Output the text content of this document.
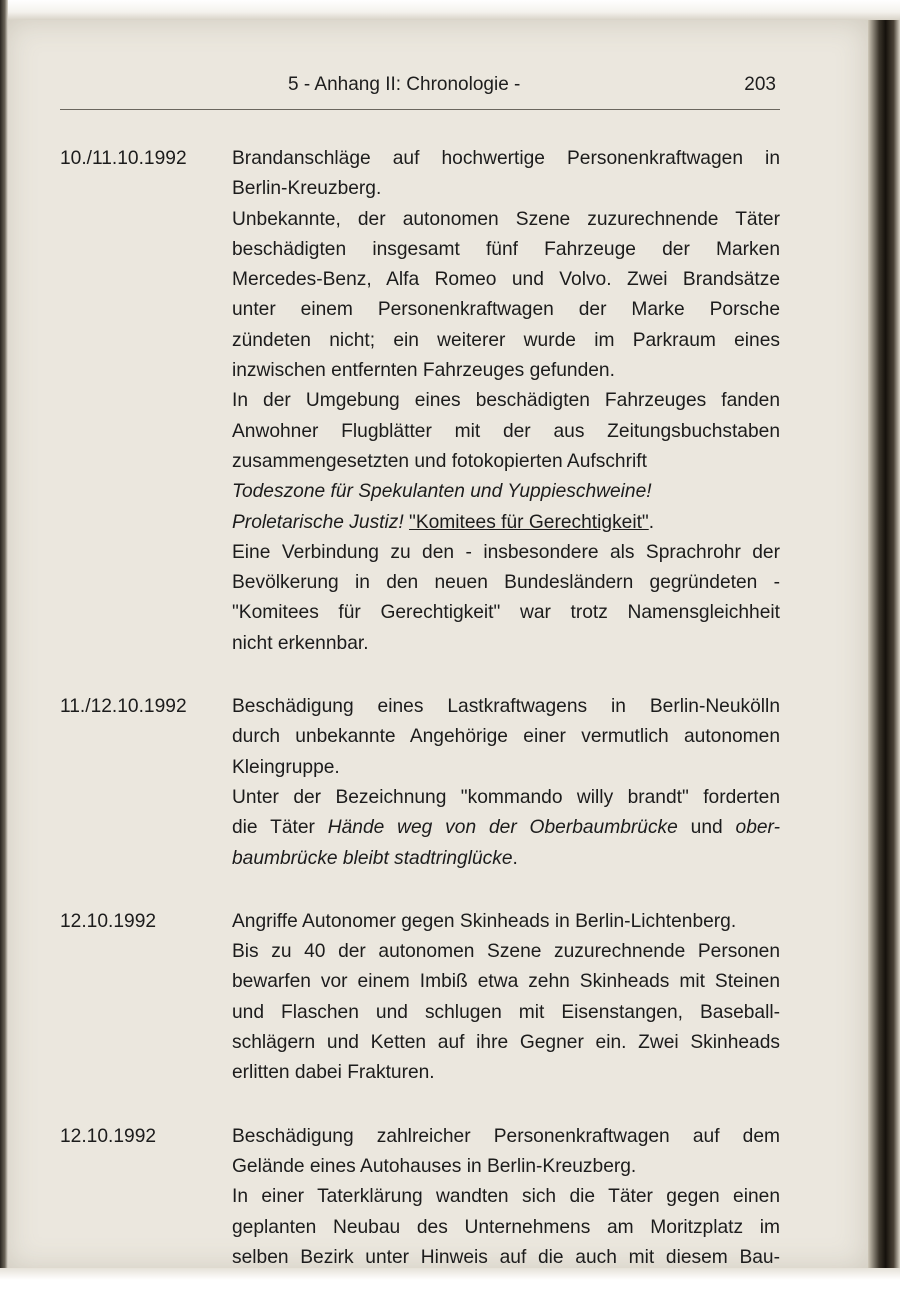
5 - Anhang II: Chronologie -	203
10./11.10.1992	Brandanschläge auf hochwertige Personenkraftwagen in
Berlin-Kreuzberg.
Unbekannte, der autonomen Szene zuzurechnende Täter
beschädigten insgesamt fünf Fahrzeuge der Marken
Mercedes-Benz, Alfa Romeo und Volvo. Zwei Brandsätze
unter einem Personenkraftwagen der Marke Porsche
zündeten nicht; ein weiterer wurde im Parkraum eines
inzwischen entfernten Fahrzeuges gefunden.
In der Umgebung eines beschädigten Fahrzeuges fanden
Anwohner Flugblätter mit der aus Zeitungsbuchstaben
zusammengesetzten und fotokopierten Aufschrift
Todeszone für Spekulanten und Yuppieschweine!
Proletarische Justiz! "Komitees für Gerechtigkeit".
Eine Verbindung zu den - insbesondere als Sprachrohr der
Bevölkerung in den neuen Bundesländern gegründeten -
"Komitees für Gerechtigkeit" war trotz Namensgleichheit
nicht erkennbar.
11./12.10.1992	Beschädigung eines Lastkraftwagens in Berlin-Neukölln
durch unbekannte Angehörige einer vermutlich autonomen
Kleingruppe.
Unter der Bezeichnung "kommando willy brandt" forderten
die Täter Hände weg von der Oberbaumbrücke und ober-
baumbrücke bleibt stadtringlücke.
12.10.1992	Angriffe Autonomer gegen Skinheads in Berlin-Lichtenberg.
Bis zu 40 der autonomen Szene zuzurechnende Personen
bewarfen vor einem Imbiß etwa zehn Skinheads mit Steinen
und Flaschen und schlugen mit Eisenstangen, Baseball-
schlägern und Ketten auf ihre Gegner ein. Zwei Skinheads
erlitten dabei Frakturen.
12.10.1992	Beschädigung zahlreicher Personenkraftwagen auf dem
Gelände eines Autohauses in Berlin-Kreuzberg.
In einer Taterklärung wandten sich die Täter gegen einen
geplanten Neubau des Unternehmens am Moritzplatz im
selben Bezirk unter Hinweis auf die auch mit diesem Bau-
